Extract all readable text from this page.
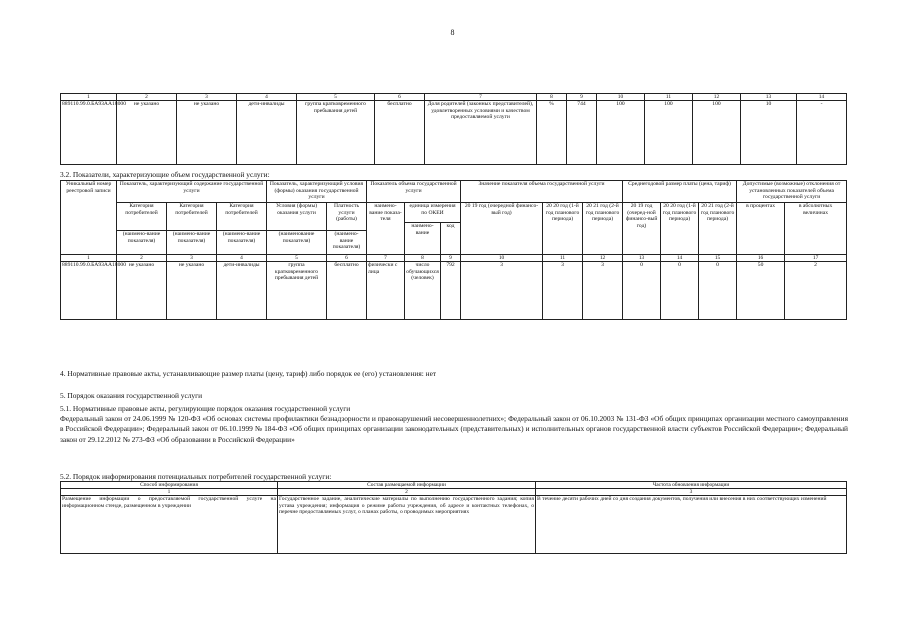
8
1	2	3	4	5	6	7	8	9	10	11	12	13	14
889110.99.0.БА93АА18000	не указано	не указано	дети-инвалиды	группа кратковременного пребывания детей	бесплатно	Доля родителей (законных представителей), удовлетворенных условиями и качеством предоставляемой услуги	%	744	100	100	100	10	-
3.2. Показатели, характеризующие объем государственной услуги:
Уникальный номер реестровой записи	Показатель, характеризующий содержание государственной услуги			Показатель, характеризующий условия (формы) оказания государственной услуги		Показатель объема государственной услуги			Значение показателя объема государственной услуги			Среднегодовой размер платы (цена, тариф)			Допустимые (возможные) отклонения от установленных показателей объема государственной услуги	
	Категория потребителей	Категория потребителей	Категория потребителей	Условия (формы) оказания услуги	Платность услуги (работы)	наимено-вание показа-теля	единица измерения по ОКЕИ		20 19 год (очередной финансо-вый год)	20 20 год (1-й год планового периода)	20 21 год (2-й год планового периода)	20 19 год (очеред-ной финансо-вый год)	20 20 год (1-й год планового периода)	20 21 год (2-й год планового периода)	в процентах	в абсолютных величинах
							наимено-вание	код								
	(наимено-вание показателя)	(наимено-вание показателя)	(наимено-вание показателя)	(наименование показателя)	(наимено-вание показателя)											
1	2	3	4	5	6	7	8	9	10	11	12	13	14	15	16	17
889110.99.0.БА93АА18000	не указано	не указано	дети-инвалиды	группа кратковременного пребывания детей	бесплатно	физически с лица	число обучающихся (человек)	792	3	3	3	0	0	0	50	2
4. Нормативные правовые акты, устанавливающие размер платы (цену, тариф) либо порядок ее (его) установления: нет
5. Порядок оказания государственной услуги
5.1. Нормативные правовые акты, регулирующие порядок оказания государственной услуги
Федеральный закон от 24.06.1999 № 120-ФЗ «Об основах системы профилактики безнадзорности и правонарушений несовершеннолетних»; Федеральный закон от 06.10.2003 № 131-ФЗ «Об общих принципах организации местного самоуправления в Российской Федерации»; Федеральный закон от 06.10.1999 № 184-ФЗ «Об общих принципах организации законодательных (представительных) и исполнительных органов государственной власти субъектов Российской Федерации»; Федеральный закон от 29.12.2012 № 273-ФЗ «Об образовании в Российской Федерации»
5.2. Порядок информирования потенциальных потребителей государственной услуги:
Способ информирования	Состав размещаемой информации	Частота обновления информации
1	2	3
Размещение информации о предоставляемой государственной услуге на информационном стенде, размещенном в учреждении	Государственное задание, аналитические материалы по выполнению государственного задания; копия устава учреждения; информация о режиме работы учреждения, об адресе и контактных телефонах, о перечне предоставляемых услуг, о планах работы, о проводимых мероприятиях	В течение десяти рабочих дней со дня создания документов, получения или внесения в них соответствующих изменений
